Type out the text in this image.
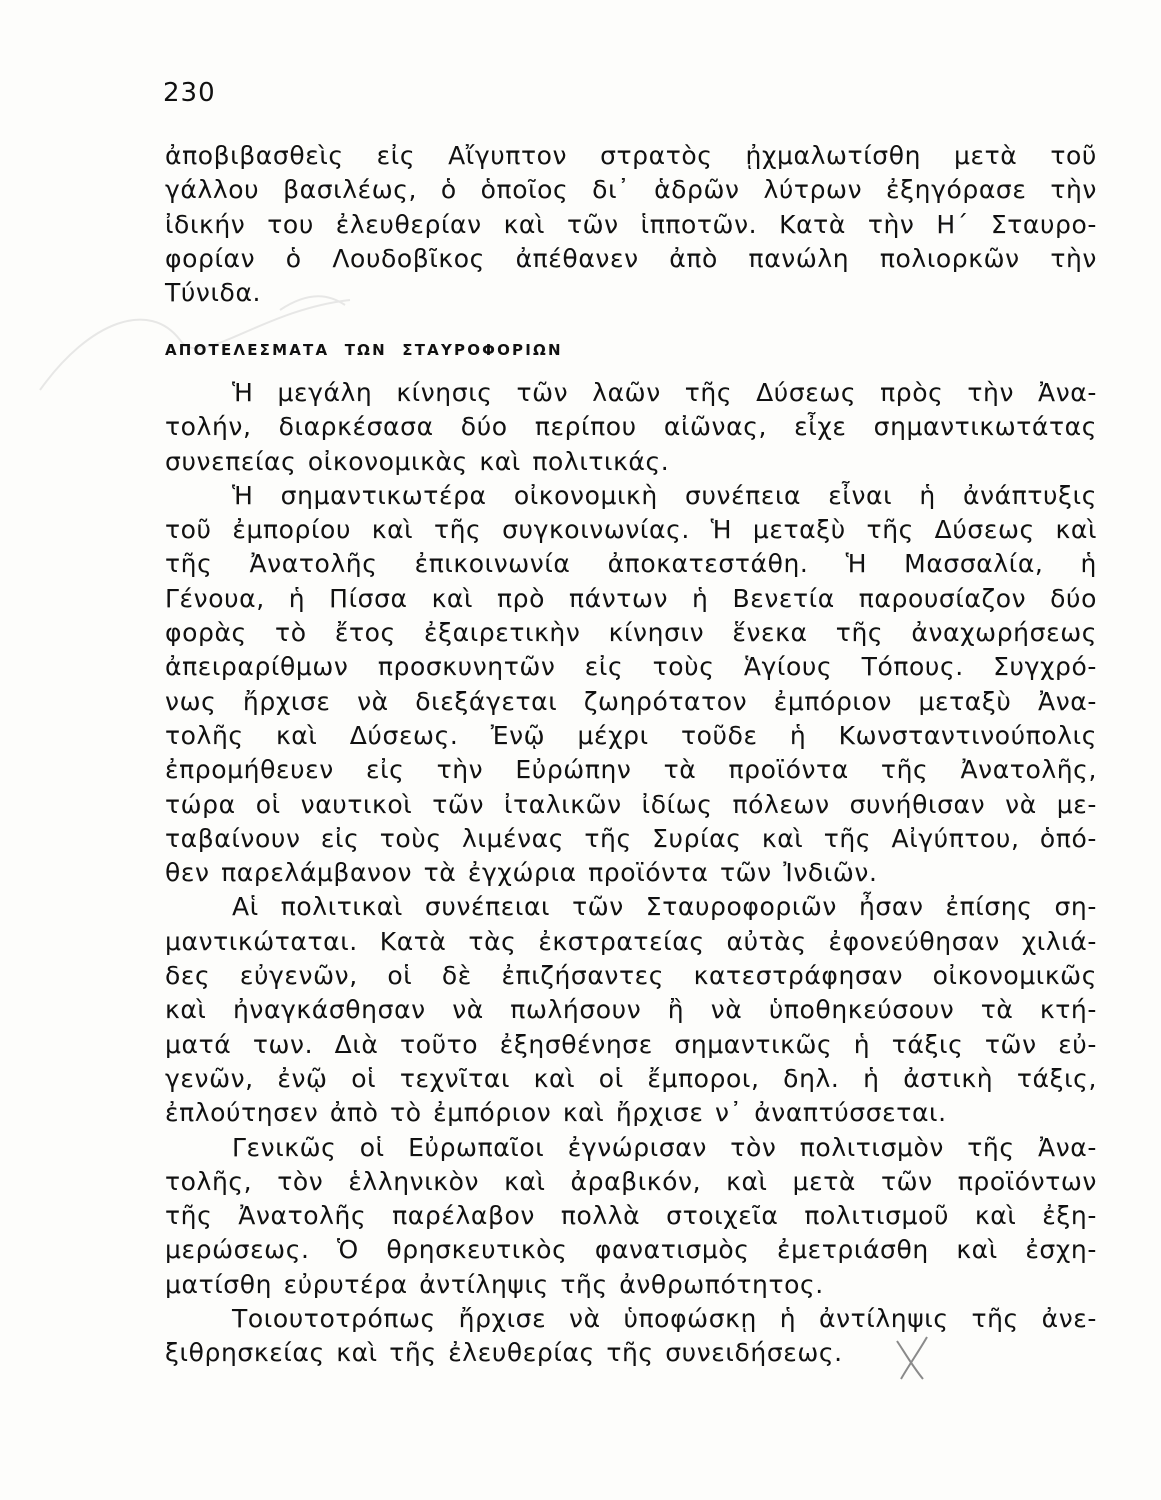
230
ἀποβιβασθεὶς εἰς Αἴγυπτον στρατὸς ᾐχμαλωτίσθη μετὰ τοῦ
γάλλου βασιλέως, ὁ ὁποῖος δι᾽ ἁδρῶν λύτρων ἐξηγόρασε τὴν
ἰδικήν του ἐλευθερίαν καὶ τῶν ἱπποτῶν. Κατὰ τὴν Η΄ Σταυρο-
φορίαν ὁ Λουδοβῖκος ἀπέθανεν ἀπὸ πανώλη πολιορκῶν τὴν
Τύνιδα.
ΑΠΟΤΕΛΕΣΜΑΤΑ ΤΩΝ ΣΤΑΥΡΟΦΟΡΙΩΝ
Ἡ μεγάλη κίνησις τῶν λαῶν τῆς Δύσεως πρὸς τὴν Ἀνα-
τολήν, διαρκέσασα δύο περίπου αἰῶνας, εἶχε σημαντικωτάτας
συνεπείας οἰκονομικὰς καὶ πολιτικάς.
Ἡ σημαντικωτέρα οἰκονομικὴ συνέπεια εἶναι ἡ ἀνάπτυξις
τοῦ ἐμπορίου καὶ τῆς συγκοινωνίας. Ἡ μεταξὺ τῆς Δύσεως καὶ
τῆς Ἀνατολῆς ἐπικοινωνία ἀποκατεστάθη. Ἡ Μασσαλία, ἡ
Γένουα, ἡ Πίσσα καὶ πρὸ πάντων ἡ Βενετία παρουσίαζον δύο
φορὰς τὸ ἔτος ἐξαιρετικὴν κίνησιν ἕνεκα τῆς ἀναχωρήσεως
ἀπειραρίθμων προσκυνητῶν εἰς τοὺς Ἁγίους Τόπους. Συγχρό-
νως ἤρχισε νὰ διεξάγεται ζωηρότατον ἐμπόριον μεταξὺ Ἀνα-
τολῆς καὶ Δύσεως. Ἐνῷ μέχρι τοῦδε ἡ Κωνσταντινούπολις
ἐπρομήθευεν εἰς τὴν Εὐρώπην τὰ προϊόντα τῆς Ἀνατολῆς,
τώρα οἱ ναυτικοὶ τῶν ἰταλικῶν ἰδίως πόλεων συνήθισαν νὰ με-
ταβαίνουν εἰς τοὺς λιμένας τῆς Συρίας καὶ τῆς Αἰγύπτου, ὁπό-
θεν παρελάμβανον τὰ ἐγχώρια προϊόντα τῶν Ἰνδιῶν.
Αἱ πολιτικαὶ συνέπειαι τῶν Σταυροφοριῶν ἦσαν ἐπίσης ση-
μαντικώταται. Κατὰ τὰς ἐκστρατείας αὐτὰς ἐφονεύθησαν χιλιά-
δες εὐγενῶν, οἱ δὲ ἐπιζήσαντες κατεστράφησαν οἰκονομικῶς
καὶ ἠναγκάσθησαν νὰ πωλήσουν ἢ νὰ ὑποθηκεύσουν τὰ κτή-
ματά των. Διὰ τοῦτο ἐξησθένησε σημαντικῶς ἡ τάξις τῶν εὐ-
γενῶν, ἐνῷ οἱ τεχνῖται καὶ οἱ ἔμποροι, δηλ. ἡ ἀστικὴ τάξις,
ἐπλούτησεν ἀπὸ τὸ ἐμπόριον καὶ ἤρχισε ν᾽ ἀναπτύσσεται.
Γενικῶς οἱ Εὐρωπαῖοι ἐγνώρισαν τὸν πολιτισμὸν τῆς Ἀνα-
τολῆς, τὸν ἑλληνικὸν καὶ ἀραβικόν, καὶ μετὰ τῶν προϊόντων
τῆς Ἀνατολῆς παρέλαβον πολλὰ στοιχεῖα πολιτισμοῦ καὶ ἐξη-
μερώσεως. Ὁ θρησκευτικὸς φανατισμὸς ἐμετριάσθη καὶ ἐσχη-
ματίσθη εὐρυτέρα ἀντίληψις τῆς ἀνθρωπότητος.
Τοιουτοτρόπως ἤρχισε νὰ ὑποφώσκῃ ἡ ἀντίληψις τῆς ἀνε-
ξιθρησκείας καὶ τῆς ἐλευθερίας τῆς συνειδήσεως.
